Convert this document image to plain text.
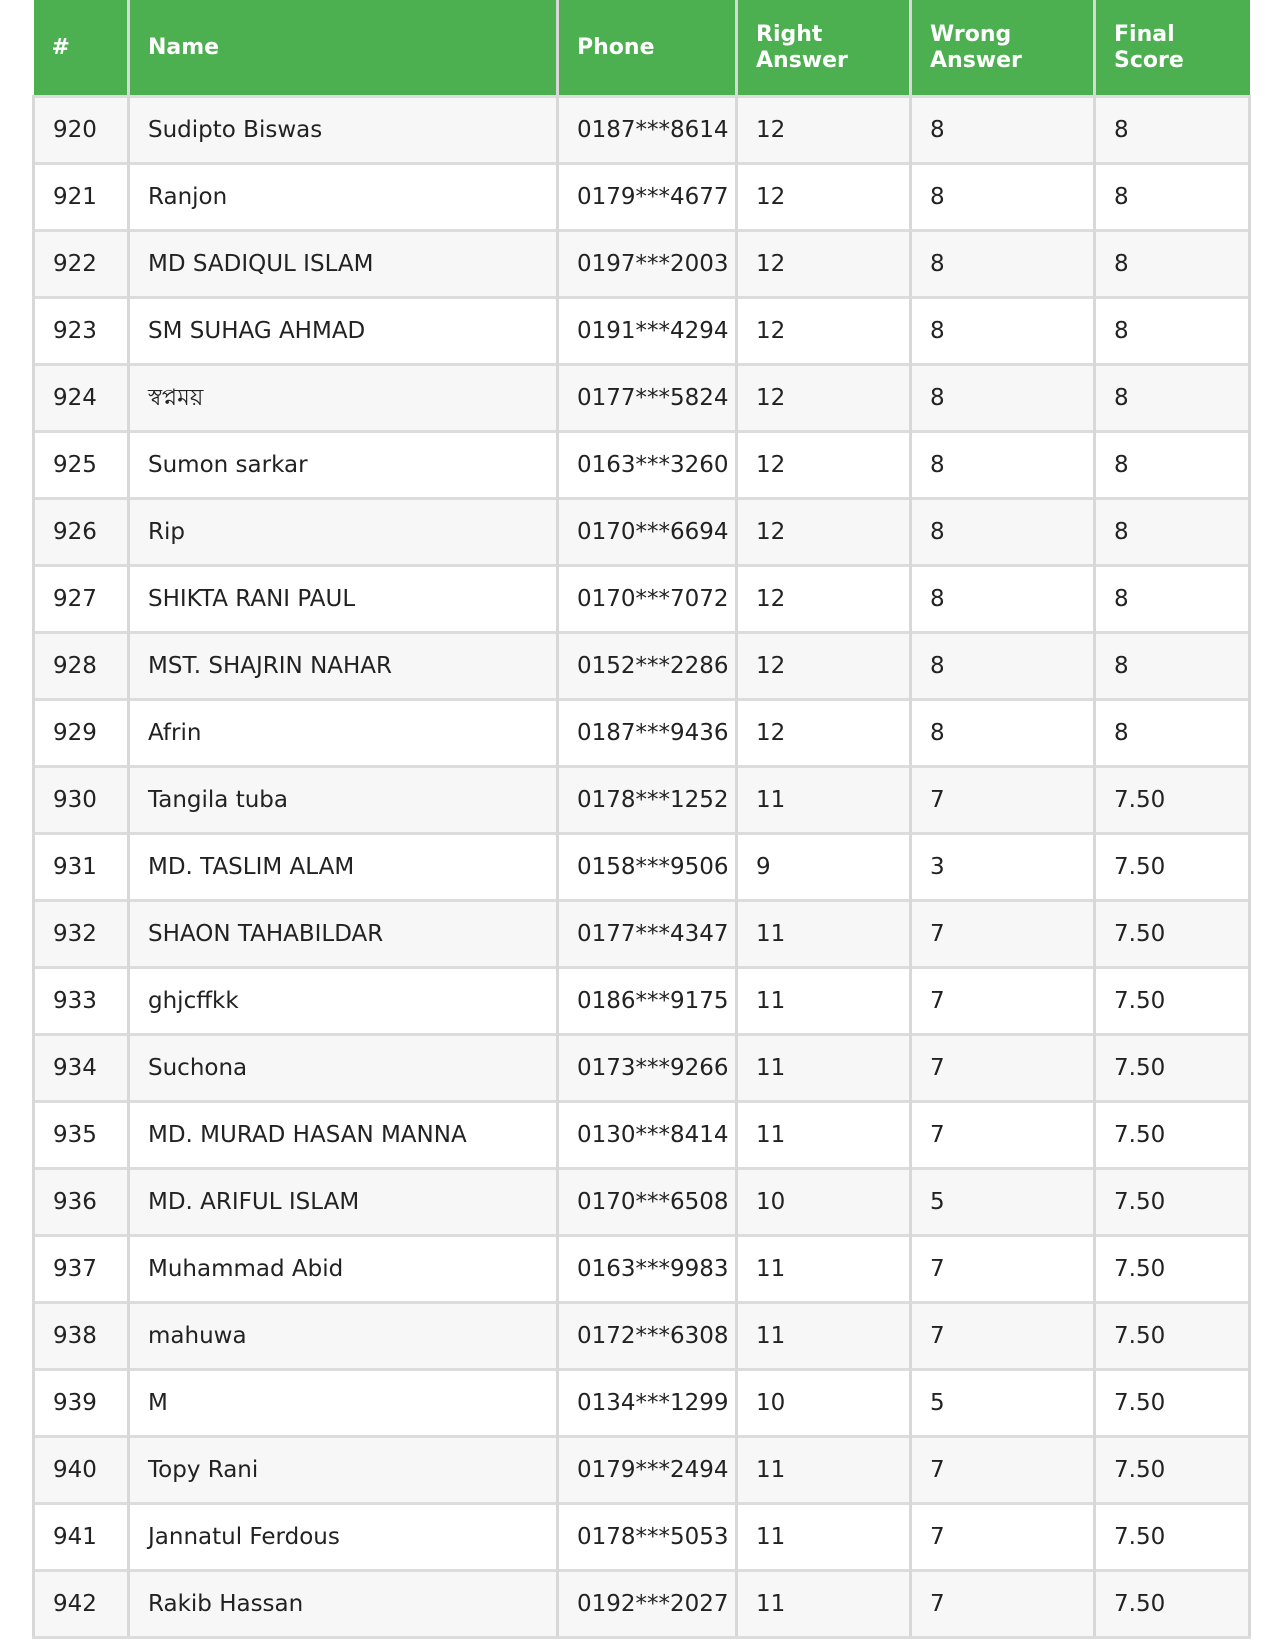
#	Name	Phone	Right Answer	Wrong Answer	Final Score
920	Sudipto Biswas	0187***8614	12	8	8
921	Ranjon	0179***4677	12	8	8
922	MD SADIQUL ISLAM	0197***2003	12	8	8
923	SM SUHAG AHMAD	0191***4294	12	8	8
924	স্বপ্নময়	0177***5824	12	8	8
925	Sumon sarkar	0163***3260	12	8	8
926	Rip	0170***6694	12	8	8
927	SHIKTA RANI PAUL	0170***7072	12	8	8
928	MST. SHAJRIN NAHAR	0152***2286	12	8	8
929	Afrin	0187***9436	12	8	8
930	Tangila tuba	0178***1252	11	7	7.50
931	MD. TASLIM ALAM	0158***9506	9	3	7.50
932	SHAON TAHABILDAR	0177***4347	11	7	7.50
933	ghjcffkk	0186***9175	11	7	7.50
934	Suchona	0173***9266	11	7	7.50
935	MD. MURAD HASAN MANNA	0130***8414	11	7	7.50
936	MD. ARIFUL ISLAM	0170***6508	10	5	7.50
937	Muhammad Abid	0163***9983	11	7	7.50
938	mahuwa	0172***6308	11	7	7.50
939	M	0134***1299	10	5	7.50
940	Topy Rani	0179***2494	11	7	7.50
941	Jannatul Ferdous	0178***5053	11	7	7.50
942	Rakib Hassan	0192***2027	11	7	7.50
